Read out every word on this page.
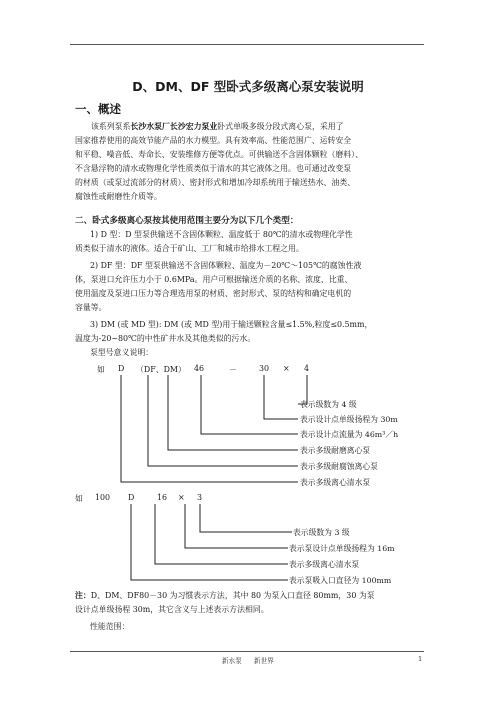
D、DM、DF 型卧式多级离心泵安装说明
一、概述
该系列泵系长沙水泵厂长沙宏力泵业卧式单吸多级分段式离心泵，采用了
国家推荐使用的高效节能产品的水力模型。具有效率高、性能范围广、运转安全
和平稳、噪音低、寿命长、安装维修方便等优点。可供输送不含固体颗粒（磨料）、
不含悬浮物的清水或物理化学性质类似于清水的其它液体之用。也可通过改变泵
的材质（或泵过流部分的材质）、密封形式和增加冷却系统用于输送热水、油类、
腐蚀性或耐磨性介质等。
二、卧式多级离心泵按其使用范围主要分为以下几个类型：
1) D 型：D 型泵供输送不含固体颗粒、温度低于 80℃的清水或物理化学性
质类似于清水的液体。适合于矿山、工厂和城市给排水工程之用。
2) DF 型：DF 型泵供输送不含固体颗粒、温度为－20℃～105℃的腐蚀性液
体，泵进口允许压力小于 0.6MPa。用户可根据输送介质的名称、浓度、比重、
使用温度及泵进口压力等合理选用泵的材质、密封形式、泵的结构和确定电机的
容量等。
3) DM (或 MD 型): DM (或 MD 型)用于输送颗粒含量≤1.5%,粒度≤0.5mm，
温度为-20~80℃的中性矿井水及其他类似的污水。
泵型号意义说明：
如 D （DF、DM） 46	－	30 × 4
表示级数为 4 级
表示设计点单级扬程为 30m
表示设计点流量为 46m³／h
表示多级耐磨离心泵
表示多级耐腐蚀离心泵
表示多级离心清水泵
如 100 D	16 × 3
表示级数为 3 级
表示泵设计点单级扬程为 16m
表示多级离心清水泵
表示泵吸入口直径为 100mm
注：D、DM、DF80－30 为习惯表示方法，其中 80 为泵入口直径 80mm，30 为泵
设计点单级扬程 30m，其它含义与上述表示方法相同。
性能范围：
新水泵 新世界	1
